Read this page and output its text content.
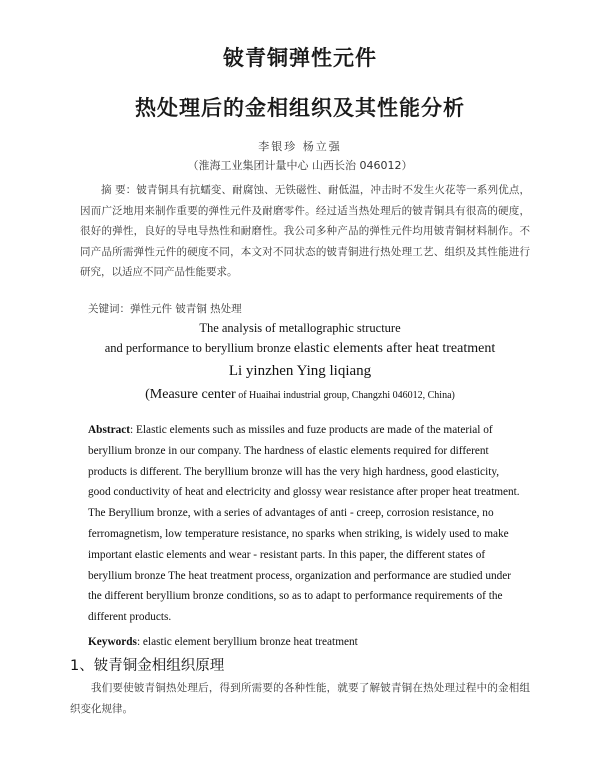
铍青铜弹性元件
热处理后的金相组织及其性能分析
李银珍 杨立强
（淮海工业集团计量中心 山西长治 046012）

摘 要：铍青铜具有抗蠕变、耐腐蚀、无铁磁性、耐低温，冲击时不发生火花等一系列优点，因而广泛地用来制作重要的弹性元件及耐磨零件。经过适当热处理后的铍青铜具有很高的硬度，很好的弹性，良好的导电导热性和耐磨性。我公司多种产品的弹性元件均用铍青铜材料制作。不同产品所需弹性元件的硬度不同，本文对不同状态的铍青铜进行热处理工艺、组织及其性能进行研究，以适应不同产品性能要求。

关键词：弹性元件 铍青铜 热处理
The analysis of metallographic structure
and performance to beryllium bronze elastic elements after heat treatment
Li yinzhen Ying liqiang
(Measure center of Huaihai industrial group, Changzhi 046012, China)

Abstract: Elastic elements such as missiles and fuze products are made of the material of beryllium bronze in our company. The hardness of elastic elements required for different products is different. The beryllium bronze will has the very high hardness, good elasticity, good conductivity of heat and electricity and glossy wear resistance after proper heat treatment. The Beryllium bronze, with a series of advantages of anti - creep, corrosion resistance, no ferromagnetism, low temperature resistance, no sparks when striking, is widely used to make important elastic elements and wear - resistant parts. In this paper, the different states of beryllium bronze The heat treatment process, organization and performance are studied under the different beryllium bronze conditions, so as to adapt to performance requirements of the different products.

Keywords: elastic element beryllium bronze heat treatment
1、铍青铜金相组织原理

我们要使铍青铜热处理后，得到所需要的各种性能，就要了解铍青铜在热处理过程中的金相组织变化规律。
